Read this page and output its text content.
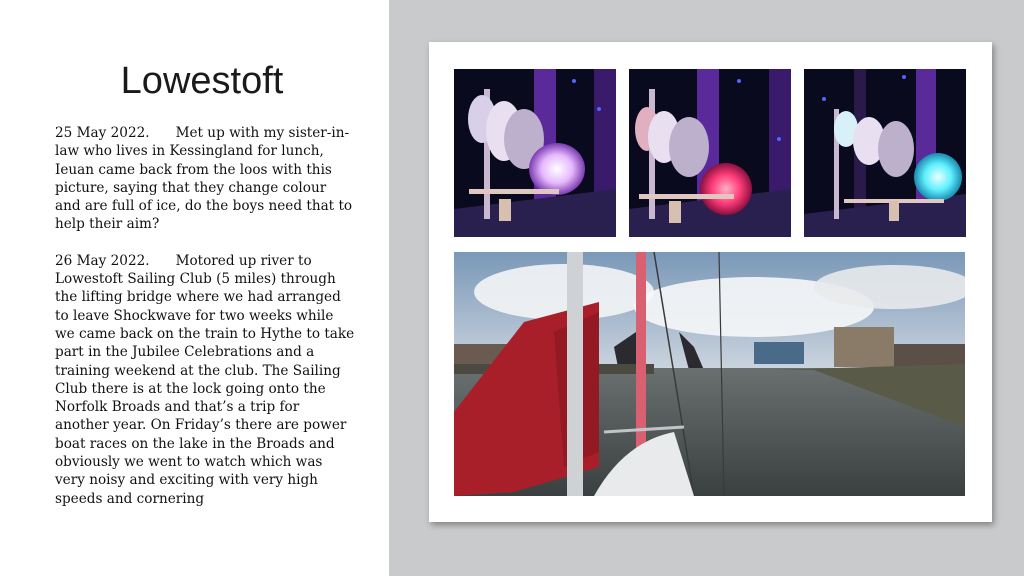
Lowestoft

25 May 2022. Met up with my sister-in-law who lives in Kessingland for lunch, Ieuan came back from the loos with this picture, saying that they change colour and are full of ice, do the boys need that to help their aim?

26 May 2022. Motored up river to Lowestoft Sailing Club (5 miles) through the lifting bridge where we had arranged to leave Shockwave for two weeks while we came back on the train to Hythe to take part in the Jubilee Celebrations and a training weekend at the club. The Sailing Club there is at the lock going onto the Norfolk Broads and that’s a trip for another year. On Friday’s there are power boat races on the lake in the Broads and obviously we went to watch which was very noisy and exciting with very high speeds and cornering
